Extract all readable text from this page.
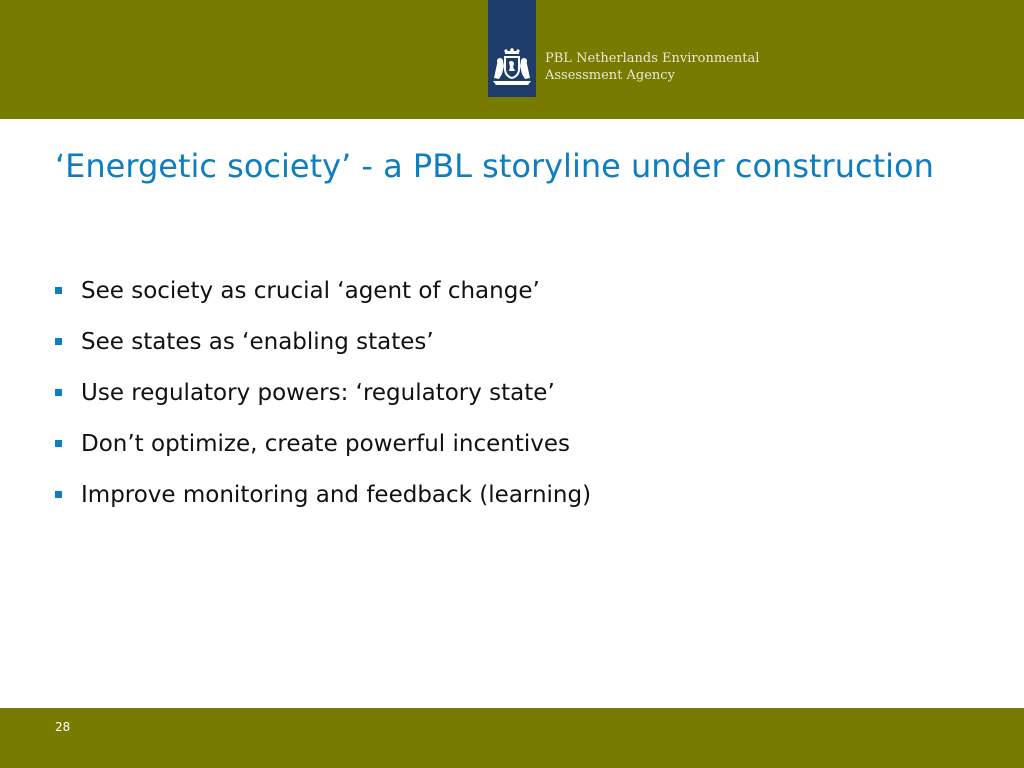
PBL Netherlands Environmental
Assessment Agency
‘Energetic society’ - a PBL storyline under construction
See society as crucial ‘agent of change’
See states as ‘enabling states’
Use regulatory powers: ‘regulatory state’
Don’t optimize, create powerful incentives
Improve monitoring and feedback (learning)
28
